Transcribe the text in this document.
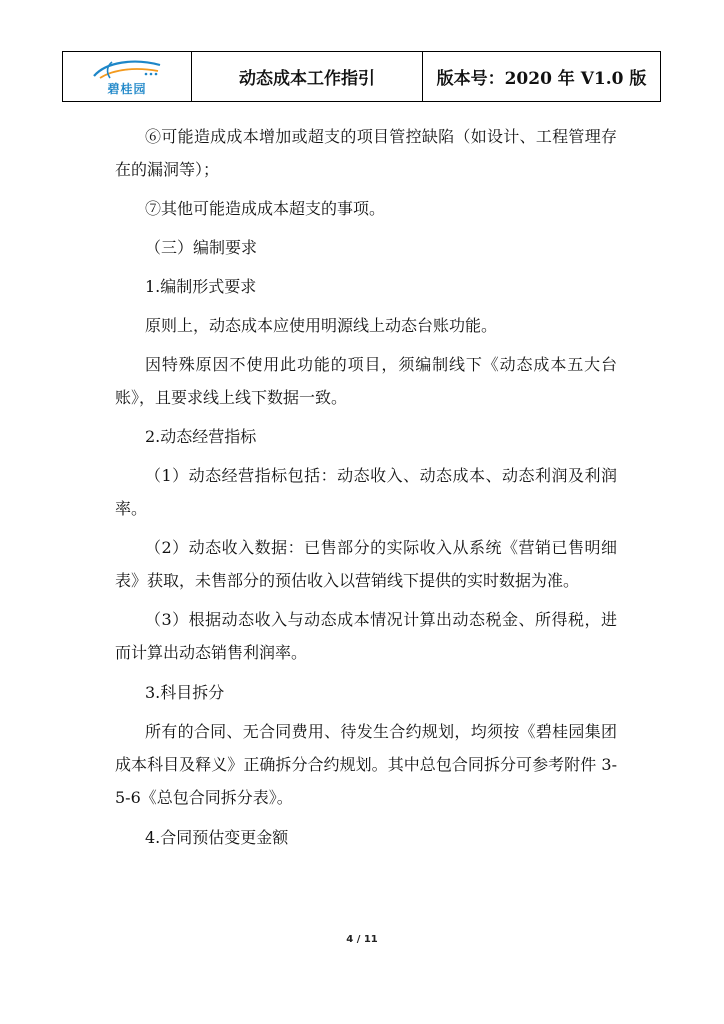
碧桂园	动态成本工作指引	版本号：2020 年 V1.0 版

⑥可能造成成本增加或超支的项目管控缺陷（如设计、工程管理存在的漏洞等）；

⑦其他可能造成成本超支的事项。

（三）编制要求

1.编制形式要求

原则上，动态成本应使用明源线上动态台账功能。

因特殊原因不使用此功能的项目，须编制线下《动态成本五大台账》，且要求线上线下数据一致。

2.动态经营指标

（1）动态经营指标包括：动态收入、动态成本、动态利润及利润率。

（2）动态收入数据：已售部分的实际收入从系统《营销已售明细表》获取，未售部分的预估收入以营销线下提供的实时数据为准。

（3）根据动态收入与动态成本情况计算出动态税金、所得税，进而计算出动态销售利润率。

3.科目拆分

所有的合同、无合同费用、待发生合约规划，均须按《碧桂园集团成本科目及释义》正确拆分合约规划。其中总包合同拆分可参考附件 3-5-6《总包合同拆分表》。

4.合同预估变更金额

4 / 11
